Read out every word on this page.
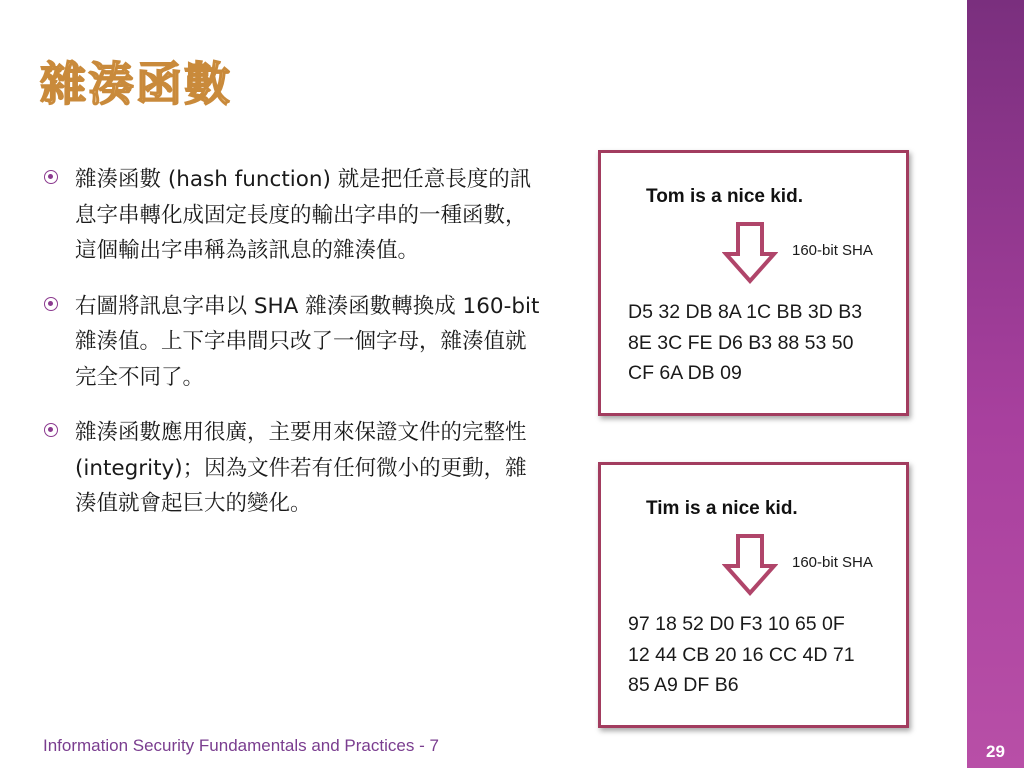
29
雜湊函數
雜湊函數 (hash function) 就是把任意長度的訊息字串轉化成固定長度的輸出字串的一種函數，這個輸出字串稱為該訊息的雜湊值。
右圖將訊息字串以 SHA 雜湊函數轉換成 160-bit 雜湊值。上下字串間只改了一個字母，雜湊值就完全不同了。
雜湊函數應用很廣，主要用來保證文件的完整性 (integrity)；因為文件若有任何微小的更動，雜湊值就會起巨大的變化。
Tom is a nice kid.
160-bit SHA

D5 32 DB 8A 1C BB 3D B3
8E 3C FE D6 B3 88 53 50
CF 6A DB 09

Tim is a nice kid.
160-bit SHA

97 18 52 D0 F3 10 65 0F
12 44 CB 20 16 CC 4D 71
85 A9 DF B6

Information Security Fundamentals and Practices - 7
